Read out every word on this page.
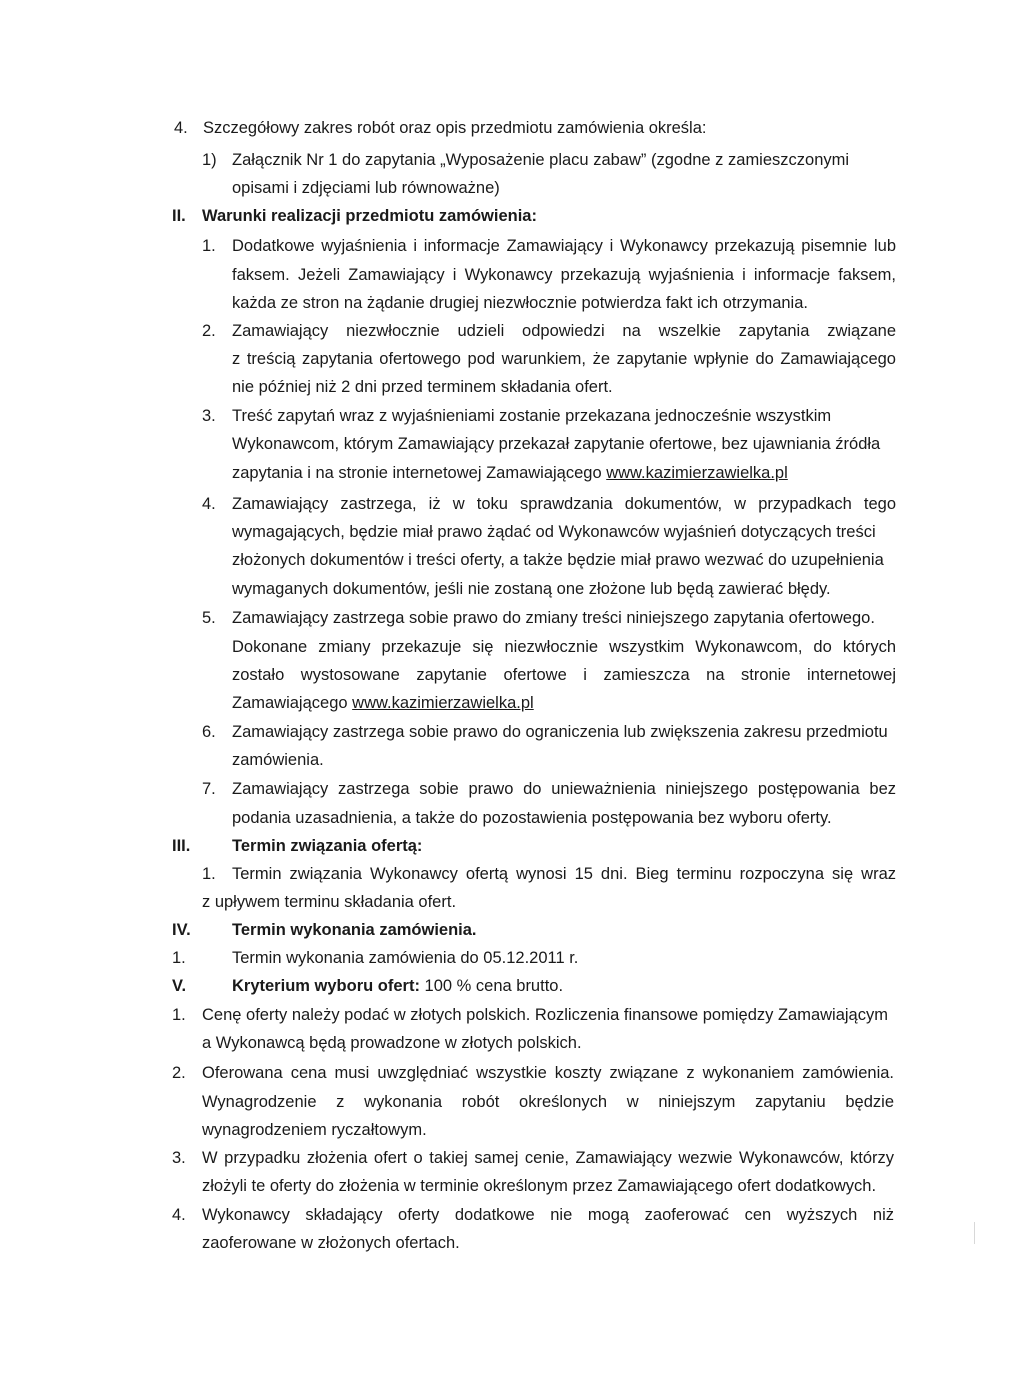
4. Szczegółowy zakres robót oraz opis przedmiotu zamówienia określa:
1) Załącznik Nr 1 do zapytania „Wyposażenie placu zabaw” (zgodne z zamieszczonymi
opisami i zdjęciami lub równoważne)
II. Warunki realizacji przedmiotu zamówienia:
1. Dodatkowe wyjaśnienia i informacje Zamawiający i Wykonawcy przekazują pisemnie lub
faksem. Jeżeli Zamawiający i Wykonawcy przekazują wyjaśnienia i informacje faksem,
każda ze stron na żądanie drugiej niezwłocznie potwierdza fakt ich otrzymania.
2. Zamawiający niezwłocznie udzieli odpowiedzi na wszelkie zapytania związane
z treścią zapytania ofertowego pod warunkiem, że zapytanie wpłynie do Zamawiającego
nie później niż 2 dni przed terminem składania ofert.
3. Treść zapytań wraz z wyjaśnieniami zostanie przekazana jednocześnie wszystkim
Wykonawcom, którym Zamawiający przekazał zapytanie ofertowe, bez ujawniania źródła
zapytania i na stronie internetowej Zamawiającego www.kazimierzawielka.pl
4. Zamawiający zastrzega, iż w toku sprawdzania dokumentów, w przypadkach tego
wymagających, będzie miał prawo żądać od Wykonawców wyjaśnień dotyczących treści
złożonych dokumentów i treści oferty, a także będzie miał prawo wezwać do uzupełnienia
wymaganych dokumentów, jeśli nie zostaną one złożone lub będą zawierać błędy.
5. Zamawiający zastrzega sobie prawo do zmiany treści niniejszego zapytania ofertowego.
Dokonane zmiany przekazuje się niezwłocznie wszystkim Wykonawcom, do których
zostało wystosowane zapytanie ofertowe i zamieszcza na stronie internetowej
Zamawiającego www.kazimierzawielka.pl
6. Zamawiający zastrzega sobie prawo do ograniczenia lub zwiększenia zakresu przedmiotu
zamówienia.
7. Zamawiający zastrzega sobie prawo do unieważnienia niniejszego postępowania bez
podania uzasadnienia, a także do pozostawienia postępowania bez wyboru oferty.
III.	Termin związania ofertą:
1. Termin związania Wykonawcy ofertą wynosi 15 dni. Bieg terminu rozpoczyna się wraz
z upływem terminu składania ofert.
IV.	Termin wykonania zamówienia.
1.	Termin wykonania zamówienia do 05.12.2011 r.
V.	Kryterium wyboru ofert: 100 % cena brutto.
1. Cenę oferty należy podać w złotych polskich. Rozliczenia finansowe pomiędzy Zamawiającym
a Wykonawcą będą prowadzone w złotych polskich.
2. Oferowana cena musi uwzględniać wszystkie koszty związane z wykonaniem zamówienia.
Wynagrodzenie z wykonania robót określonych w niniejszym zapytaniu będzie
wynagrodzeniem ryczałtowym.
3. W przypadku złożenia ofert o takiej samej cenie, Zamawiający wezwie Wykonawców, którzy
złożyli te oferty do złożenia w terminie określonym przez Zamawiającego ofert dodatkowych.
4. Wykonawcy składający oferty dodatkowe nie mogą zaoferować cen wyższych niż
zaoferowane w złożonych ofertach.
